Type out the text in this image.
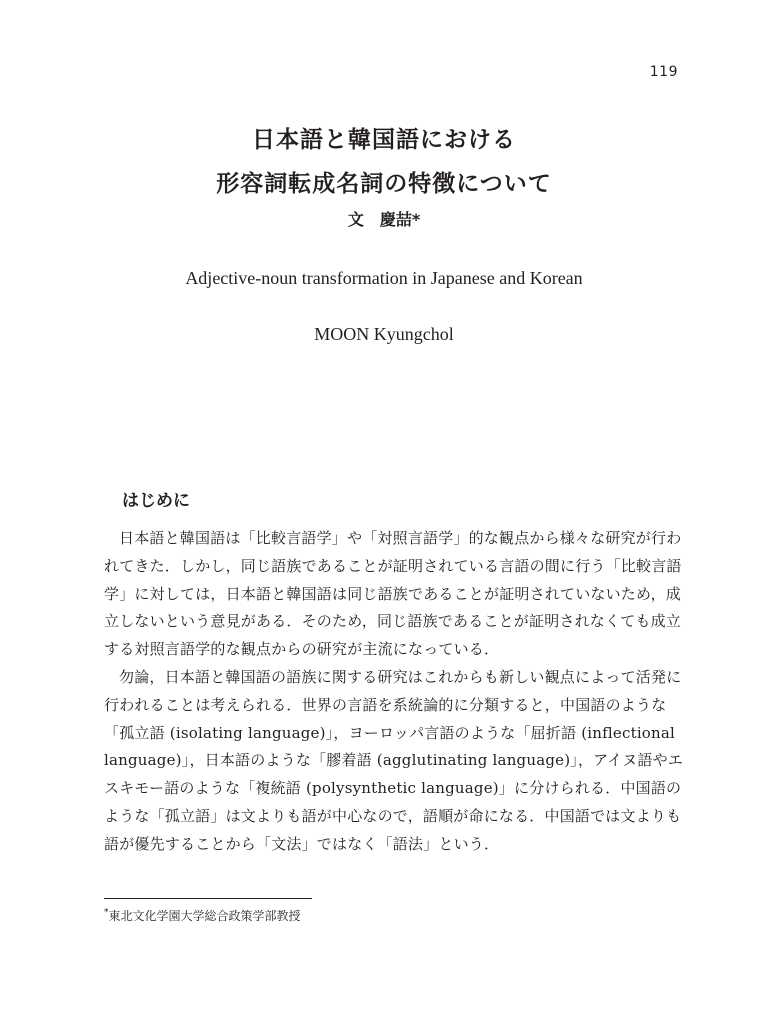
119
日本語と韓国語における
形容詞転成名詞の特徴について
文　慶喆*
Adjective-noun transformation in Japanese and Korean
MOON Kyungchol
はじめに

日本語と韓国語は「比較言語学」や「対照言語学」的な観点から様々な研究が行われてきた．しかし，同じ語族であることが証明されている言語の間に行う「比較言語学」に対しては，日本語と韓国語は同じ語族であることが証明されていないため，成立しないという意見がある．そのため，同じ語族であることが証明されなくても成立する対照言語学的な観点からの研究が主流になっている．

勿論，日本語と韓国語の語族に関する研究はこれからも新しい観点によって活発に行われることは考えられる．世界の言語を系統論的に分類すると，中国語のような「孤立語 (isolating language)」，ヨーロッパ言語のような「屈折語 (inflectional language)」，日本語のような「膠着語 (agglutinating language)」，アイヌ語やエスキモー語のような「複統語 (polysynthetic language)」に分けられる．中国語のような「孤立語」は文よりも語が中心なので，語順が命になる．中国語では文よりも語が優先することから「文法」ではなく「語法」という．

*東北文化学園大学総合政策学部教授
